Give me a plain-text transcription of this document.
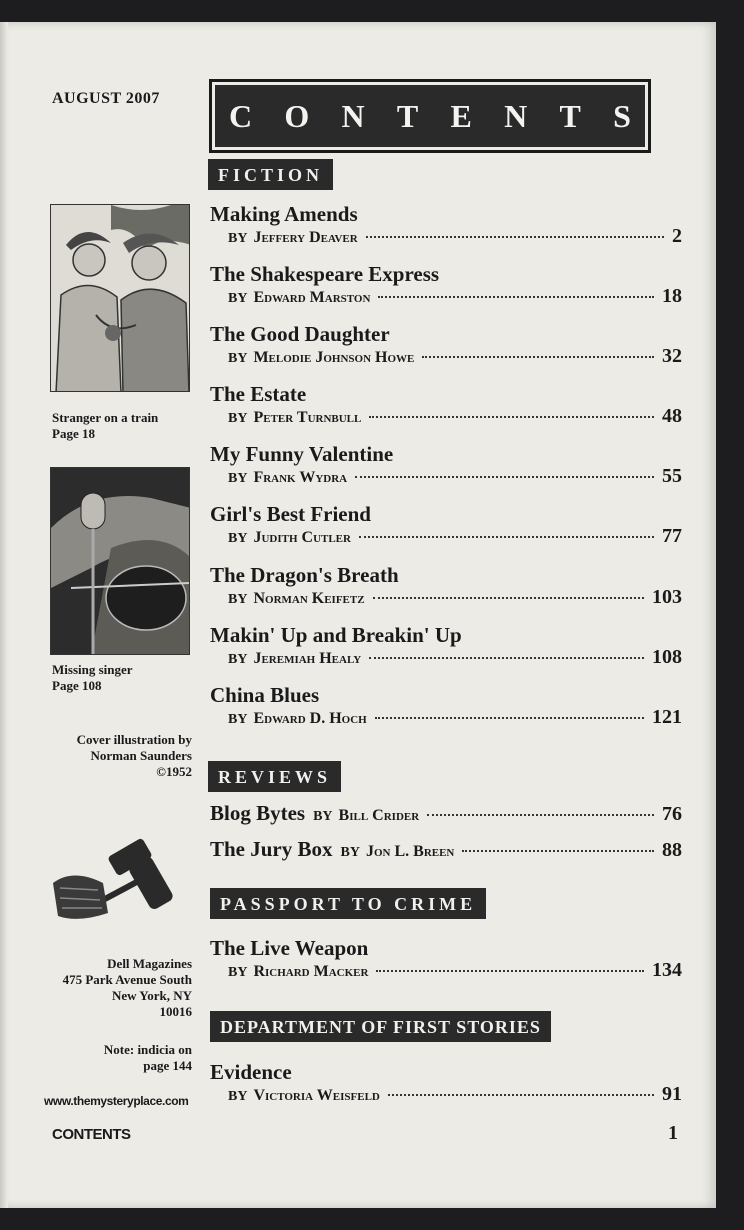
AUGUST 2007 C O N T E N T S
FICTION
Making Amends
BY Jeffery Deaver	2
The Shakespeare Express
BY Edward Marston	18
The Good Daughter
BY Melodie Johnson Howe	32
The Estate
BY Peter Turnbull	48
My Funny Valentine
BY Frank Wydra	55
Girl's Best Friend
BY Judith Cutler	77
The Dragon's Breath
BY Norman Keifetz	103
Makin' Up and Breakin' Up
BY Jeremiah Healy	108
China Blues
BY Edward D. Hoch	121
REVIEWS
Blog Bytes BY Bill Crider	76
The Jury Box BY Jon L. Breen	88
PASSPORT TO CRIME
The Live Weapon
BY Richard Macker	134
DEPARTMENT OF FIRST STORIES
Evidence
BY Victoria Weisfeld	91
Stranger on a train
Page 18
Missing singer
Page 108
Cover illustration by
Norman Saunders
©1952
Dell Magazines
475 Park Avenue South
New York, NY
10016
Note: indicia on
page 144
www.themysteryplace.com
CONTENTS	1
